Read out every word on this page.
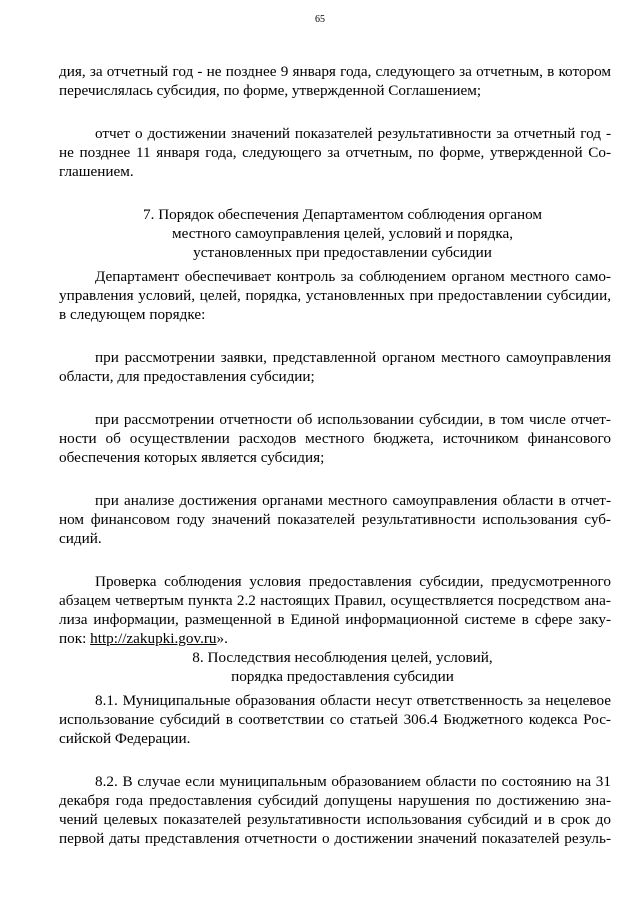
65
дия, за отчетный год - не позднее 9 января года, следующего за отчетным, в котором
перечислялась субсидия, по форме, утвержденной Соглашением;
отчет о достижении значений показателей результативности за отчетный год -
не позднее 11 января года, следующего за отчетным, по форме, утвержденной Со-
глашением.
7. Порядок обеспечения Департаментом соблюдения органом
местного самоуправления целей, условий и порядка,
установленных при предоставлении субсидии
Департамент обеспечивает контроль за соблюдением органом местного само-
управления условий, целей, порядка, установленных при предоставлении субсидии,
в следующем порядке:
при рассмотрении заявки, представленной органом местного самоуправления
области, для предоставления субсидии;
при рассмотрении отчетности об использовании субсидии, в том числе отчет-
ности об осуществлении расходов местного бюджета, источником финансового
обеспечения которых является субсидия;
при анализе достижения органами местного самоуправления области в отчет-
ном финансовом году значений показателей результативности использования суб-
сидий.
Проверка соблюдения условия предоставления субсидии, предусмотренного
абзацем четвертым пункта 2.2 настоящих Правил, осуществляется посредством ана-
лиза информации, размещенной в Единой информационной системе в сфере заку-
пок: http://zakupki.gov.ru».
8. Последствия несоблюдения целей, условий,
порядка предоставления субсидии
8.1. Муниципальные образования области несут ответственность за нецелевое
использование субсидий в соответствии со статьей 306.4 Бюджетного кодекса Рос-
сийской Федерации.
8.2. В случае если муниципальным образованием области по состоянию на 31
декабря года предоставления субсидий допущены нарушения по достижению зна-
чений целевых показателей результативности использования субсидий и в срок до
первой даты представления отчетности о достижении значений показателей резуль-
